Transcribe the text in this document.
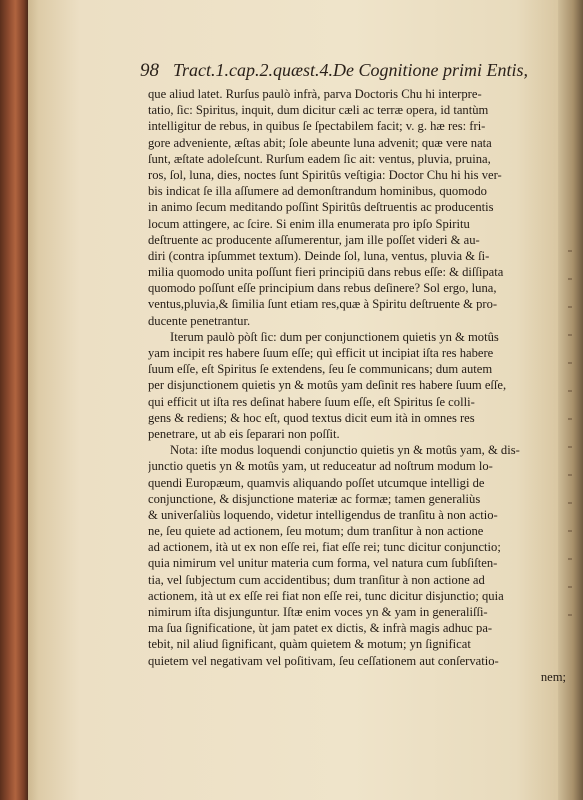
98 Tract.1.cap.2.quæst.4.De Cognitione primi Entis,
que aliud latet. Rurſus paulò infrà, parva Doctoris Chu hi interpre-
tatio, ſic: Spiritus, inquit, dum dicitur cæli ac terræ opera, id tantùm
intelligitur de rebus, in quibus ſe ſpectabilem facit; v. g. hæ res: fri-
gore adveniente, æſtas abit; ſole abeunte luna advenit; quæ vere nata
ſunt, æſtate adoleſcunt. Rurſum eadem ſic ait: ventus, pluvia, pruina,
ros, ſol, luna, dies, noctes ſunt Spiritûs veſtigia: Doctor Chu hi his ver-
bis indicat ſe illa aſſumere ad demonſtrandum hominibus, quomodo
in animo ſecum meditando poſſint Spiritûs deſtruentis ac producentis
locum attingere, ac ſcire. Si enim illa enumerata pro ipſo Spiritu
deſtruente ac producente aſſumerentur, jam ille poſſet videri & au-
diri (contra ipſummet textum). Deinde ſol, luna, ventus, pluvia & ſi-
milia quomodo unita poſſunt fieri principiū dans rebus eſſe: & diſſipata
quomodo poſſunt eſſe principium dans rebus deſinere? Sol ergo, luna,
ventus,pluvia,& ſimilia ſunt etiam res,quæ à Spiritu deſtruente & pro-
ducente penetrantur.
Iterum paulò pòſt ſic: dum per conjunctionem quietis yn & motûs
yam incipit res habere ſuum eſſe; quì efficit ut incipiat iſta res habere
ſuum eſſe, eſt Spiritus ſe extendens, ſeu ſe communicans; dum autem
per disjunctionem quietis yn & motûs yam deſinit res habere ſuum eſſe,
qui efficit ut iſta res deſinat habere ſuum eſſe, eſt Spiritus ſe colli-
gens & rediens; & hoc eſt, quod textus dicit eum ità in omnes res
penetrare, ut ab eis ſeparari non poſſit.
Nota: iſte modus loquendi conjunctio quietis yn & motûs yam, & dis-
junctio quetis yn & motûs yam, ut reduceatur ad noſtrum modum lo-
quendi Europæum, quamvis aliquando poſſet utcumque intelligi de
conjunctione, & disjunctione materiæ ac formæ; tamen generaliùs
& univerſaliùs loquendo, videtur intelligendus de tranſitu à non actio-
ne, ſeu quiete ad actionem, ſeu motum; dum tranſitur à non actione
ad actionem, ità ut ex non eſſe rei, fiat eſſe rei; tunc dicitur conjunctio;
quia nimirum vel unitur materia cum forma, vel natura cum ſubſiſten-
tia, vel ſubjectum cum accidentibus; dum tranſitur à non actione ad
actionem, ità ut ex eſſe rei fiat non eſſe rei, tunc dicitur disjunctio; quia
nimirum iſta disjunguntur. Iſtæ enim voces yn & yam in generaliſſi-
ma ſua ſignificatione, ùt jam patet ex dictis, & infrà magis adhuc pa-
tebit, nil aliud ſignificant, quàm quietem & motum; yn ſignificat
quietem vel negativam vel poſitivam, ſeu ceſſationem aut conſervatio-
nem;
